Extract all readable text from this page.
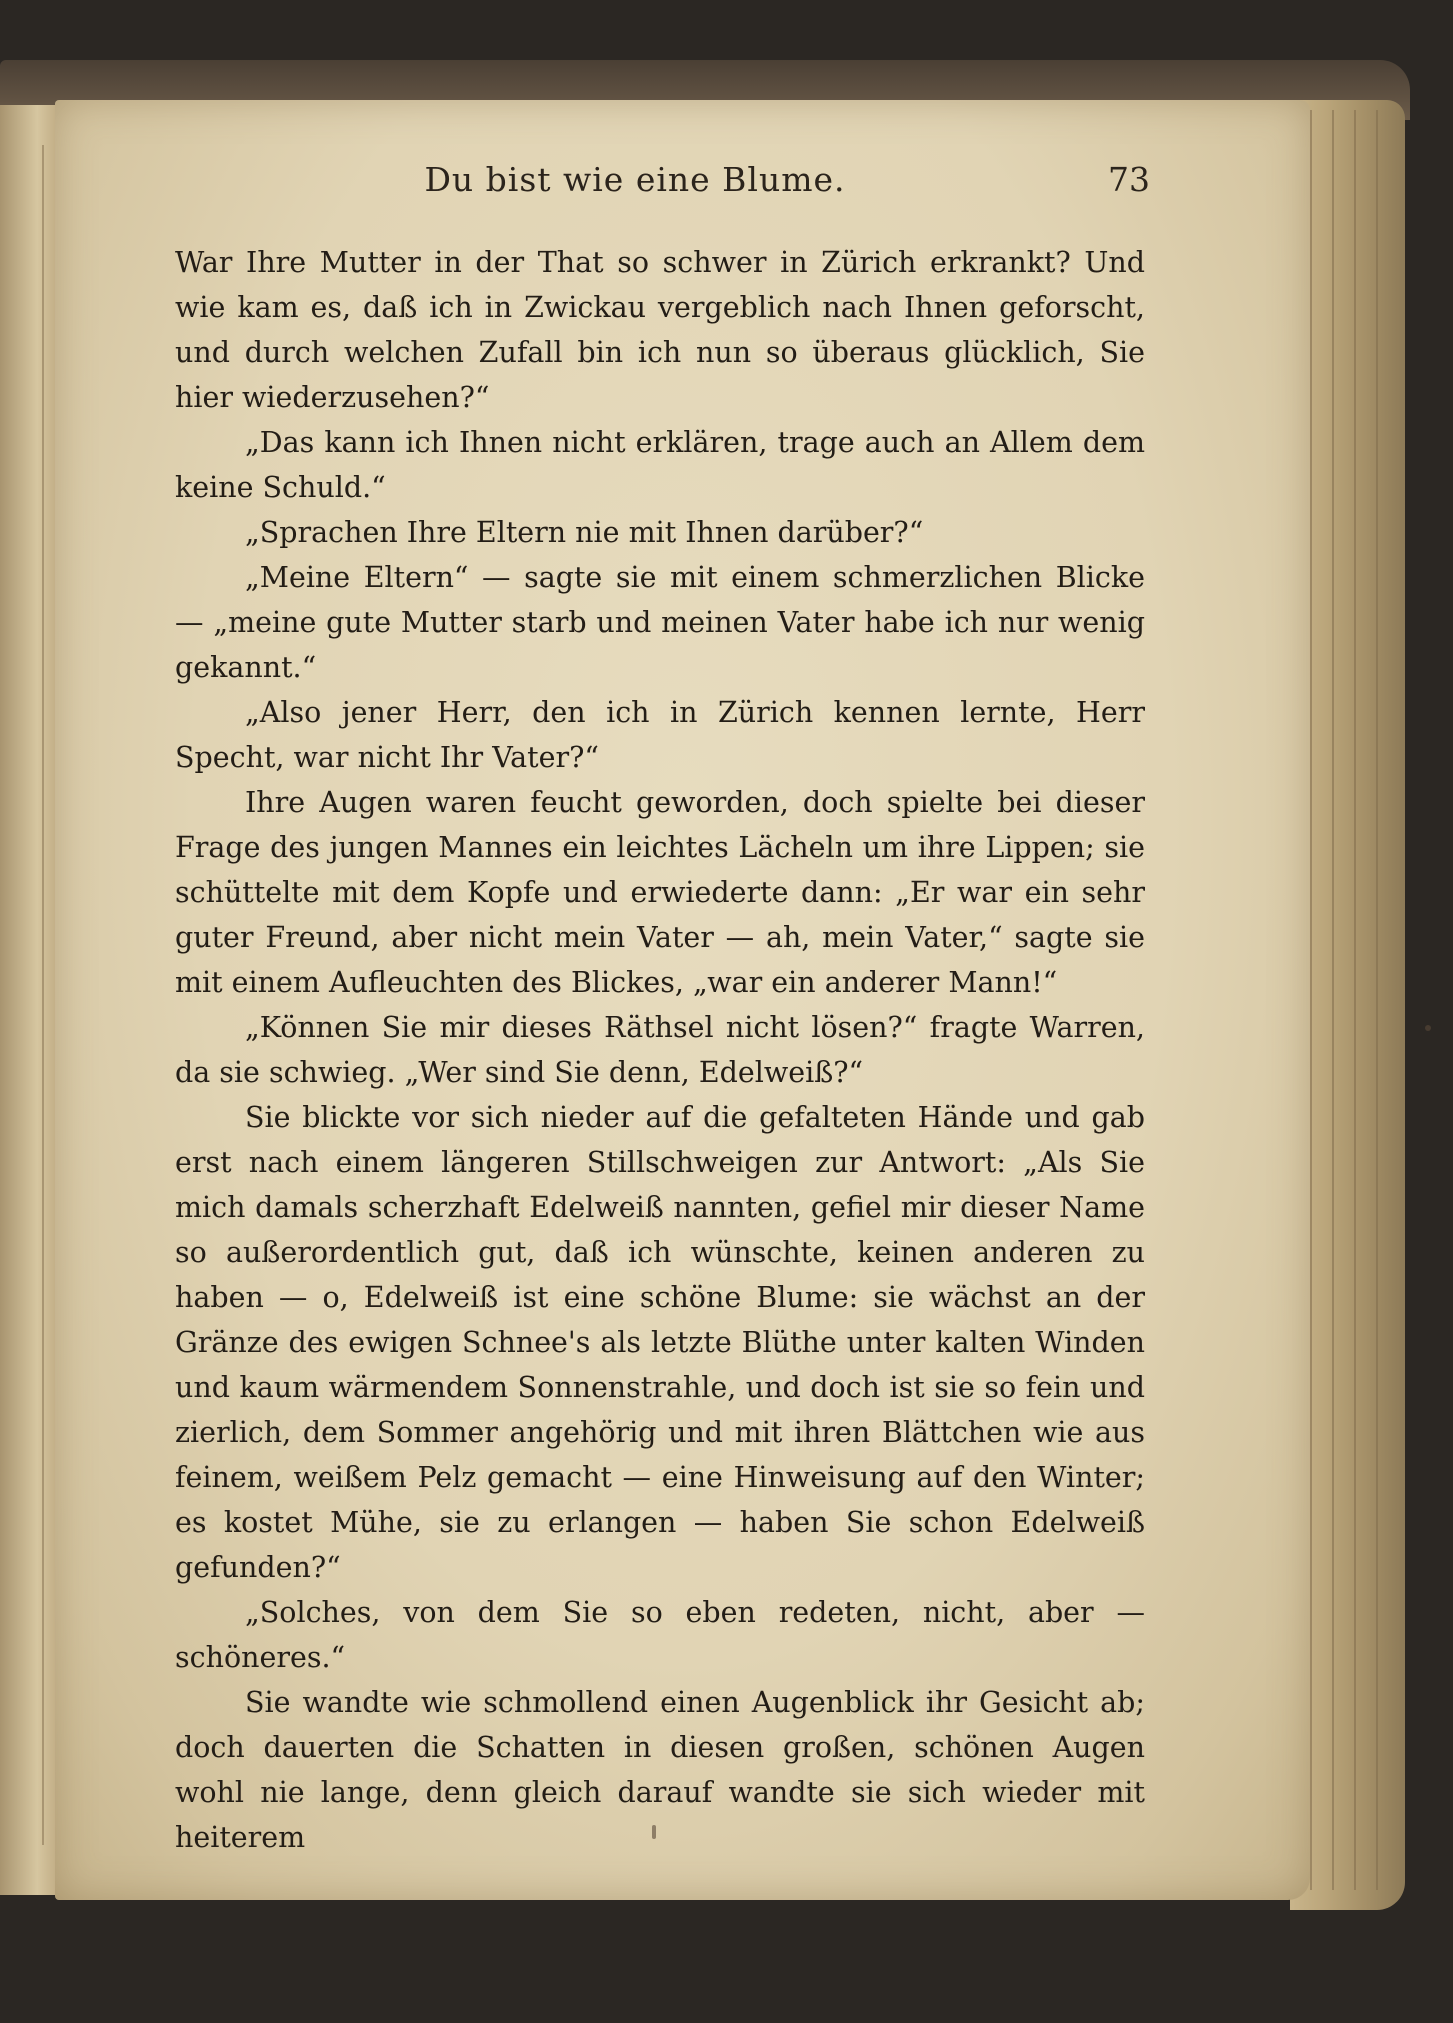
Du bist wie eine Blume.	73

War Ihre Mutter in der That so schwer in Zürich erkrankt? Und wie kam es, daß ich in Zwickau vergeblich nach Ihnen geforscht, und durch welchen Zufall bin ich nun so überaus glücklich, Sie hier wiederzusehen?“

„Das kann ich Ihnen nicht erklären, trage auch an Allem dem keine Schuld.“

„Sprachen Ihre Eltern nie mit Ihnen darüber?“

„Meine Eltern“ — sagte sie mit einem schmerzlichen Blicke — „meine gute Mutter starb und meinen Vater habe ich nur wenig gekannt.“

„Also jener Herr, den ich in Zürich kennen lernte, Herr Specht, war nicht Ihr Vater?“

Ihre Augen waren feucht geworden, doch spielte bei dieser Frage des jungen Mannes ein leichtes Lächeln um ihre Lippen; sie schüttelte mit dem Kopfe und erwiederte dann: „Er war ein sehr guter Freund, aber nicht mein Vater — ah, mein Vater,“ sagte sie mit einem Aufleuchten des Blickes, „war ein anderer Mann!“

„Können Sie mir dieses Räthsel nicht lösen?“ fragte Warren, da sie schwieg. „Wer sind Sie denn, Edelweiß?“

Sie blickte vor sich nieder auf die gefalteten Hände und gab erst nach einem längeren Stillschweigen zur Antwort: „Als Sie mich damals scherzhaft Edelweiß nannten, gefiel mir dieser Name so außerordentlich gut, daß ich wünschte, keinen anderen zu haben — o, Edelweiß ist eine schöne Blume: sie wächst an der Gränze des ewigen Schnee's als letzte Blüthe unter kalten Winden und kaum wärmendem Sonnenstrahle, und doch ist sie so fein und zierlich, dem Sommer angehörig und mit ihren Blättchen wie aus feinem, weißem Pelz gemacht — eine Hinweisung auf den Winter; es kostet Mühe, sie zu erlangen — haben Sie schon Edelweiß gefunden?“

„Solches, von dem Sie so eben redeten, nicht, aber — schöneres.“

Sie wandte wie schmollend einen Augenblick ihr Gesicht ab; doch dauerten die Schatten in diesen großen, schönen Augen wohl nie lange, denn gleich darauf wandte sie sich wieder mit heiterem
